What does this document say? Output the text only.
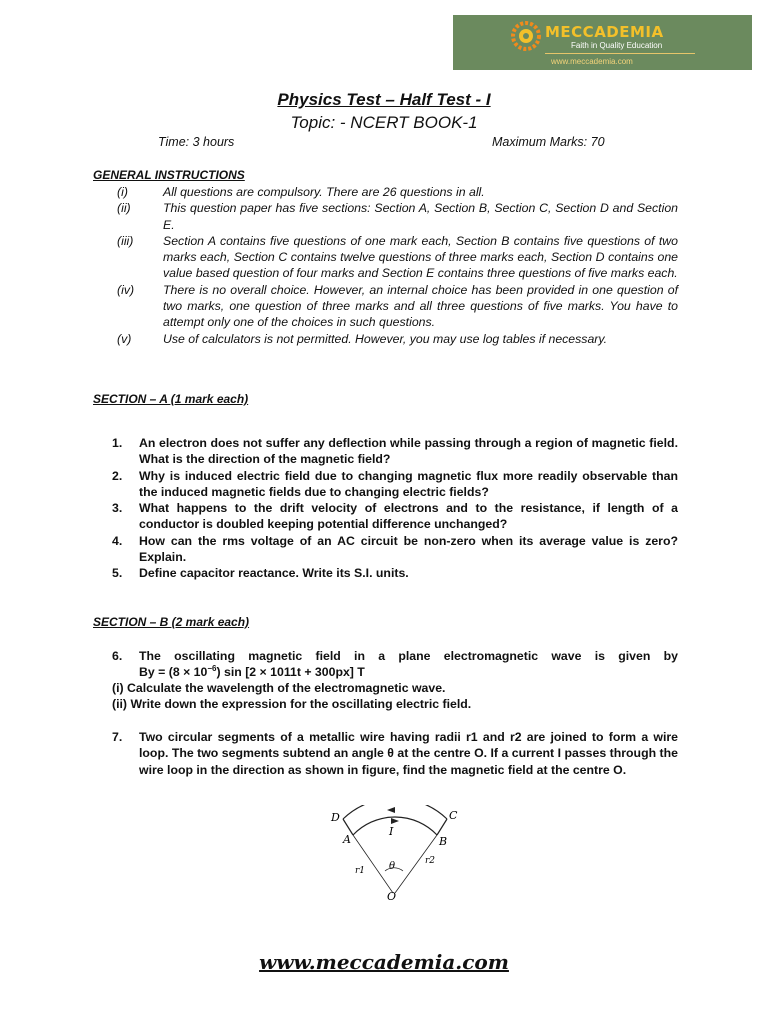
MECCADEMIA
Faith in Quality Education
www.meccademia.com
Physics Test – Half Test - I
Topic: - NCERT BOOK-1
Time: 3 hours	Maximum Marks: 70
GENERAL INSTRUCTIONS
(i)	All questions are compulsory. There are 26 questions in all.
(ii)	This question paper has five sections: Section A, Section B, Section C, Section D and Section E.
(iii)	Section A contains five questions of one mark each, Section B contains five questions of two marks each, Section C contains twelve questions of three marks each, Section D contains one value based question of four marks and Section E contains three questions of five marks each.
(iv)	There is no overall choice. However, an internal choice has been provided in one question of two marks, one question of three marks and all three questions of five marks. You have to attempt only one of the choices in such questions.
(v)	Use of calculators is not permitted. However, you may use log tables if necessary.
SECTION – A (1 mark each)
1.	An electron does not suffer any deflection while passing through a region of magnetic field. What is the direction of the magnetic field?
2.	Why is induced electric field due to changing magnetic flux more readily observable than the induced magnetic fields due to changing electric fields?
3.	What happens to the drift velocity of electrons and to the resistance, if length of a conductor is doubled keeping potential difference unchanged?
4.	How can the rms voltage of an AC circuit be non-zero when its average value is zero? Explain.
5.	Define capacitor reactance. Write its S.I. units.
SECTION – B (2 mark each)
6.	The oscillating magnetic field in a plane electromagnetic wave is given by
$By = (8 \times 10^{-6})$ sin [2 × 1011t + 300px] T
(i) Calculate the wavelength of the electromagnetic wave.
(ii) Write down the expression for the oscillating electric field.
7.	Two circular segments of a metallic wire having radii r1 and r2 are joined to form a wire loop. The two segments subtend an angle θ at the centre O. If a current I passes through the wire loop in the direction as shown in figure, find the magnetic field at the centre O.
D	C
A	B
I
θ
O
r1
r2
www.meccademia.com
